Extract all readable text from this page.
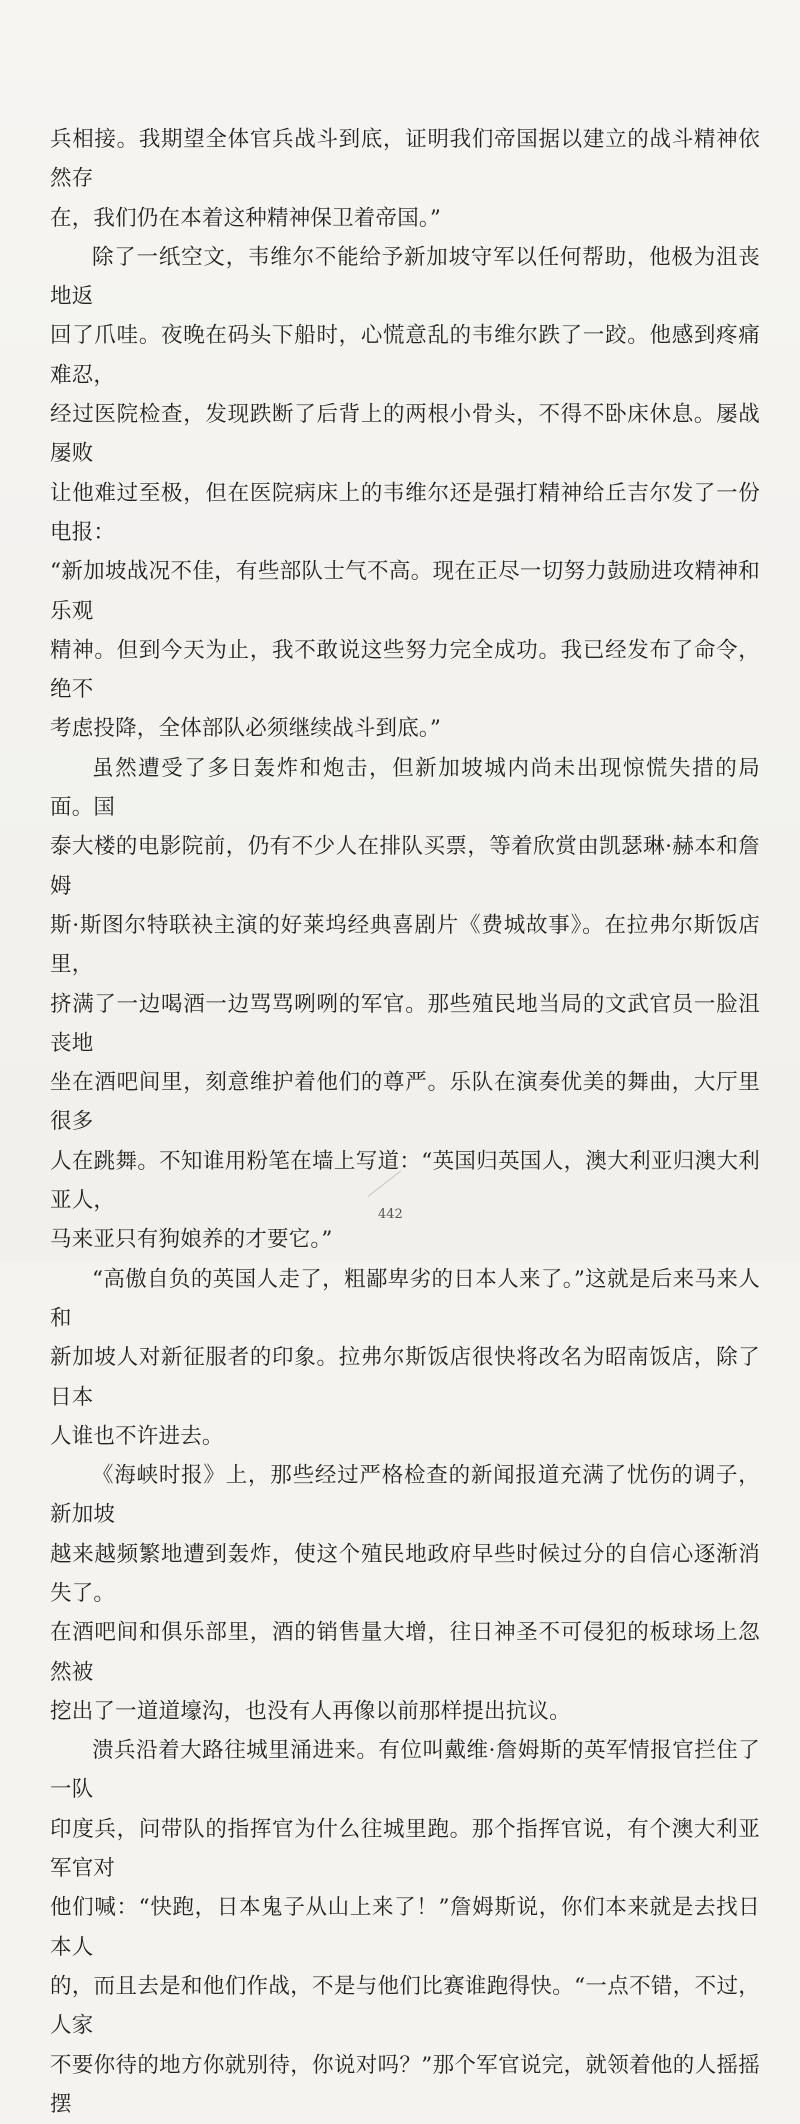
兵相接。我期望全体官兵战斗到底，证明我们帝国据以建立的战斗精神依然存
在，我们仍在本着这种精神保卫着帝国。”

除了一纸空文，韦维尔不能给予新加坡守军以任何帮助，他极为沮丧地返
回了爪哇。夜晚在码头下船时，心慌意乱的韦维尔跌了一跤。他感到疼痛难忍，
经过医院检查，发现跌断了后背上的两根小骨头，不得不卧床休息。屡战屡败
让他难过至极，但在医院病床上的韦维尔还是强打精神给丘吉尔发了一份电报：
“新加坡战况不佳，有些部队士气不高。现在正尽一切努力鼓励进攻精神和乐观
精神。但到今天为止，我不敢说这些努力完全成功。我已经发布了命令，绝不
考虑投降，全体部队必须继续战斗到底。”

虽然遭受了多日轰炸和炮击，但新加坡城内尚未出现惊慌失措的局面。国
泰大楼的电影院前，仍有不少人在排队买票，等着欣赏由凯瑟琳·赫本和詹姆
斯·斯图尔特联袂主演的好莱坞经典喜剧片《费城故事》。在拉弗尔斯饭店里，
挤满了一边喝酒一边骂骂咧咧的军官。那些殖民地当局的文武官员一脸沮丧地
坐在酒吧间里，刻意维护着他们的尊严。乐队在演奏优美的舞曲，大厅里很多
人在跳舞。不知谁用粉笔在墙上写道：“英国归英国人，澳大利亚归澳大利亚人，
马来亚只有狗娘养的才要它。”

“高傲自负的英国人走了，粗鄙卑劣的日本人来了。”这就是后来马来人和
新加坡人对新征服者的印象。拉弗尔斯饭店很快将改名为昭南饭店，除了日本
人谁也不许进去。

《海峡时报》上，那些经过严格检查的新闻报道充满了忧伤的调子，新加坡
越来越频繁地遭到轰炸，使这个殖民地政府早些时候过分的自信心逐渐消失了。
在酒吧间和俱乐部里，酒的销售量大增，往日神圣不可侵犯的板球场上忽然被
挖出了一道道壕沟，也没有人再像以前那样提出抗议。

溃兵沿着大路往城里涌进来。有位叫戴维·詹姆斯的英军情报官拦住了一队
印度兵，问带队的指挥官为什么往城里跑。那个指挥官说，有个澳大利亚军官对
他们喊：“快跑，日本鬼子从山上来了！”詹姆斯说，你们本来就是去找日本人
的，而且去是和他们作战，不是与他们比赛谁跑得快。“一点不错，不过，人家
不要你待的地方你就别待，你说对吗？”那个军官说完，就领着他的人摇摇摆

442
